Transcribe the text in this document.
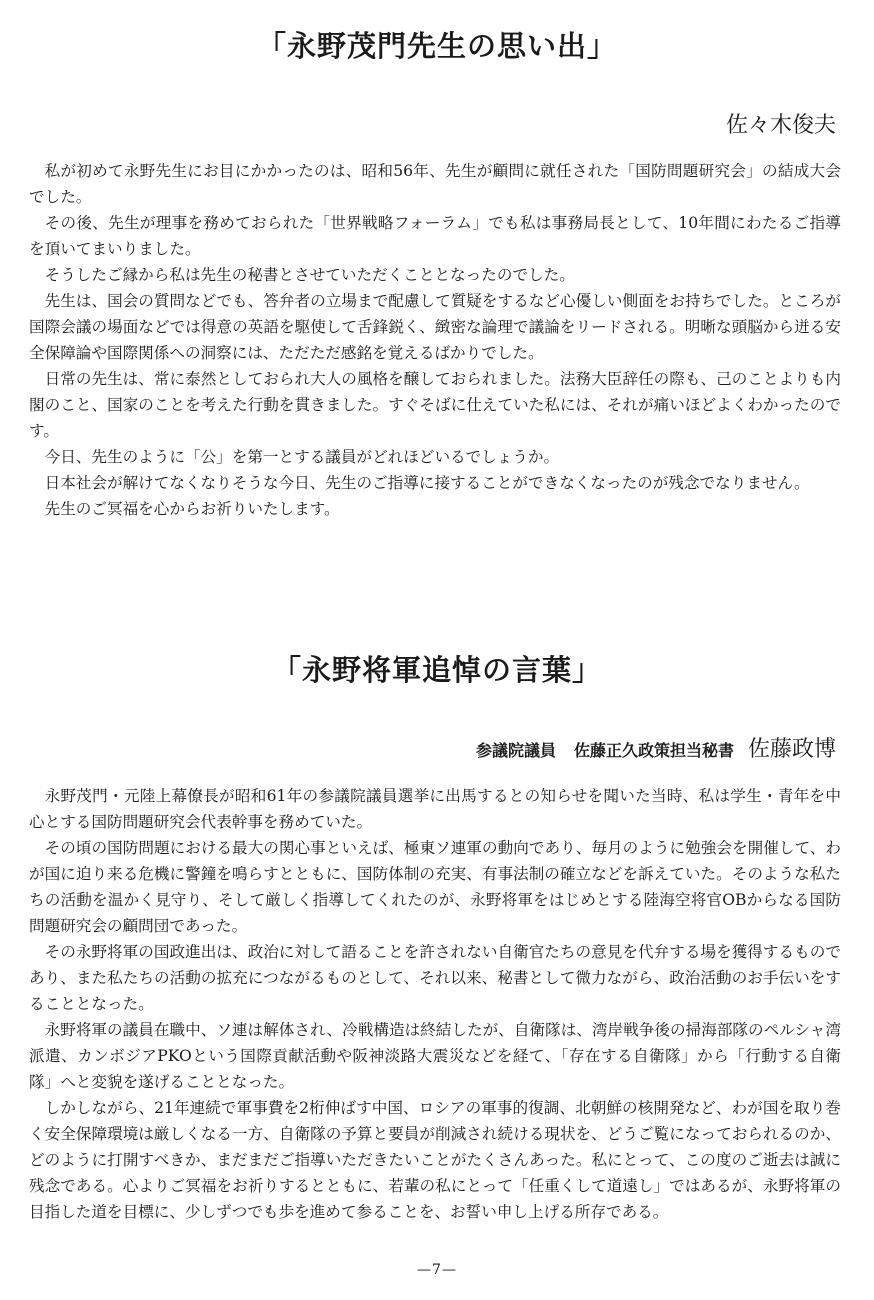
「永野茂門先生の思い出」
佐々木俊夫

私が初めて永野先生にお目にかかったのは、昭和56年、先生が顧問に就任された「国防問題研究会」の結成大会でした。

その後、先生が理事を務めておられた「世界戦略フォーラム」でも私は事務局長として、10年間にわたるご指導を頂いてまいりました。

そうしたご縁から私は先生の秘書とさせていただくこととなったのでした。

先生は、国会の質問などでも、答弁者の立場まで配慮して質疑をするなど心優しい側面をお持ちでした。ところが国際会議の場面などでは得意の英語を駆使して舌鋒鋭く、緻密な論理で議論をリードされる。明晰な頭脳から迸る安全保障論や国際関係への洞察には、ただただ感銘を覚えるばかりでした。

日常の先生は、常に泰然としておられ大人の風格を醸しておられました。法務大臣辞任の際も、己のことよりも内閣のこと、国家のことを考えた行動を貫きました。すぐそばに仕えていた私には、それが痛いほどよくわかったのです。

今日、先生のように「公」を第一とする議員がどれほどいるでしょうか。

日本社会が解けてなくなりそうな今日、先生のご指導に接することができなくなったのが残念でなりません。

先生のご冥福を心からお祈りいたします。

「永野将軍追悼の言葉」
参議院議員 佐藤正久政策担当秘書 佐藤政博

永野茂門・元陸上幕僚長が昭和61年の参議院議員選挙に出馬するとの知らせを聞いた当時、私は学生・青年を中心とする国防問題研究会代表幹事を務めていた。

その頃の国防問題における最大の関心事といえば、極東ソ連軍の動向であり、毎月のように勉強会を開催して、わが国に迫り来る危機に警鐘を鳴らすとともに、国防体制の充実、有事法制の確立などを訴えていた。そのような私たちの活動を温かく見守り、そして厳しく指導してくれたのが、永野将軍をはじめとする陸海空将官OBからなる国防問題研究会の顧問団であった。

その永野将軍の国政進出は、政治に対して語ることを許されない自衛官たちの意見を代弁する場を獲得するものであり、また私たちの活動の拡充につながるものとして、それ以来、秘書として微力ながら、政治活動のお手伝いをすることとなった。

永野将軍の議員在職中、ソ連は解体され、冷戦構造は終結したが、自衛隊は、湾岸戦争後の掃海部隊のペルシャ湾派遣、カンボジアPKOという国際貢献活動や阪神淡路大震災などを経て、「存在する自衛隊」から「行動する自衛隊」へと変貌を遂げることとなった。

しかしながら、21年連続で軍事費を2桁伸ばす中国、ロシアの軍事的復調、北朝鮮の核開発など、わが国を取り巻く安全保障環境は厳しくなる一方、自衛隊の予算と要員が削減され続ける現状を、どうご覧になっておられるのか、どのように打開すべきか、まだまだご指導いただきたいことがたくさんあった。私にとって、この度のご逝去は誠に残念である。心よりご冥福をお祈りするとともに、若輩の私にとって「任重くして道遠し」ではあるが、永野将軍の目指した道を目標に、少しずつでも歩を進めて参ることを、お誓い申し上げる所存である。

—7—
